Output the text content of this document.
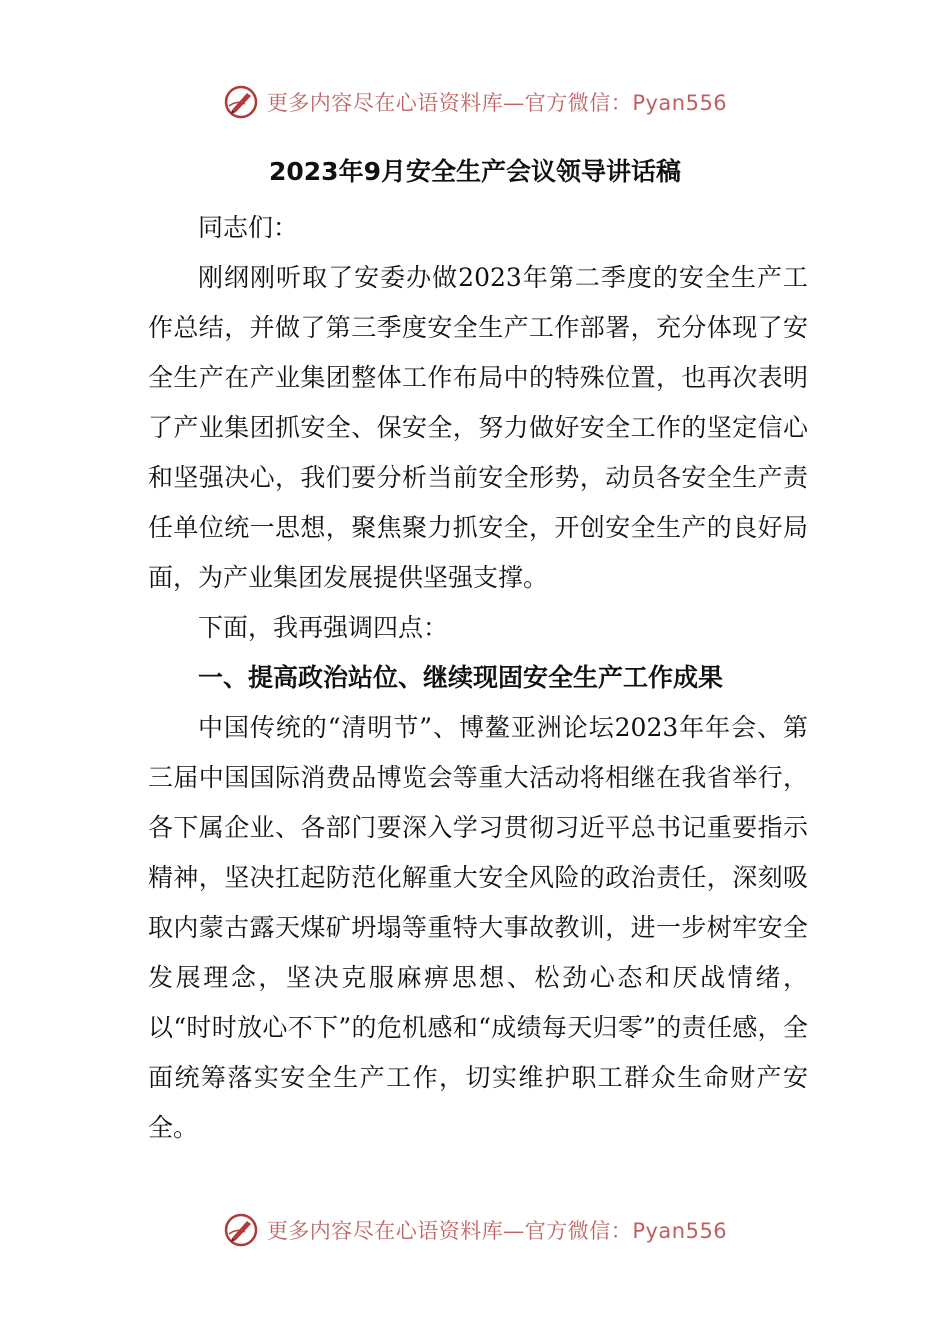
更多内容尽在心语资料库—官方微信：Pyan556
2023年9月安全生产会议领导讲话稿

同志们：

刚纲刚听取了安委办做2023年第二季度的安全生产工作总结，并做了第三季度安全生产工作部署，充分体现了安全生产在产业集团整体工作布局中的特殊位置，也再次表明了产业集团抓安全、保安全，努力做好安全工作的坚定信心和坚强决心，我们要分析当前安全形势，动员各安全生产责任单位统一思想，聚焦聚力抓安全，开创安全生产的良好局面，为产业集团发展提供坚强支撑。

下面，我再强调四点：

一、提高政治站位、继续现固安全生产工作成果

中国传统的“清明节”、博鳌亚洲论坛2023年年会、第三届中国国际消费品博览会等重大活动将相继在我省举行，各下属企业、各部门要深入学习贯彻习近平总书记重要指示精神，坚决扛起防范化解重大安全风险的政治责任，深刻吸取内蒙古露天煤矿坍塌等重特大事故教训，进一步树牢安全发展理念，坚决克服麻痹思想、松劲心态和厌战情绪，以“时时放心不下”的危机感和“成绩每天归零”的责任感，全面统筹落实安全生产工作，切实维护职工群众生命财产安全。

更多内容尽在心语资料库—官方微信：Pyan556
